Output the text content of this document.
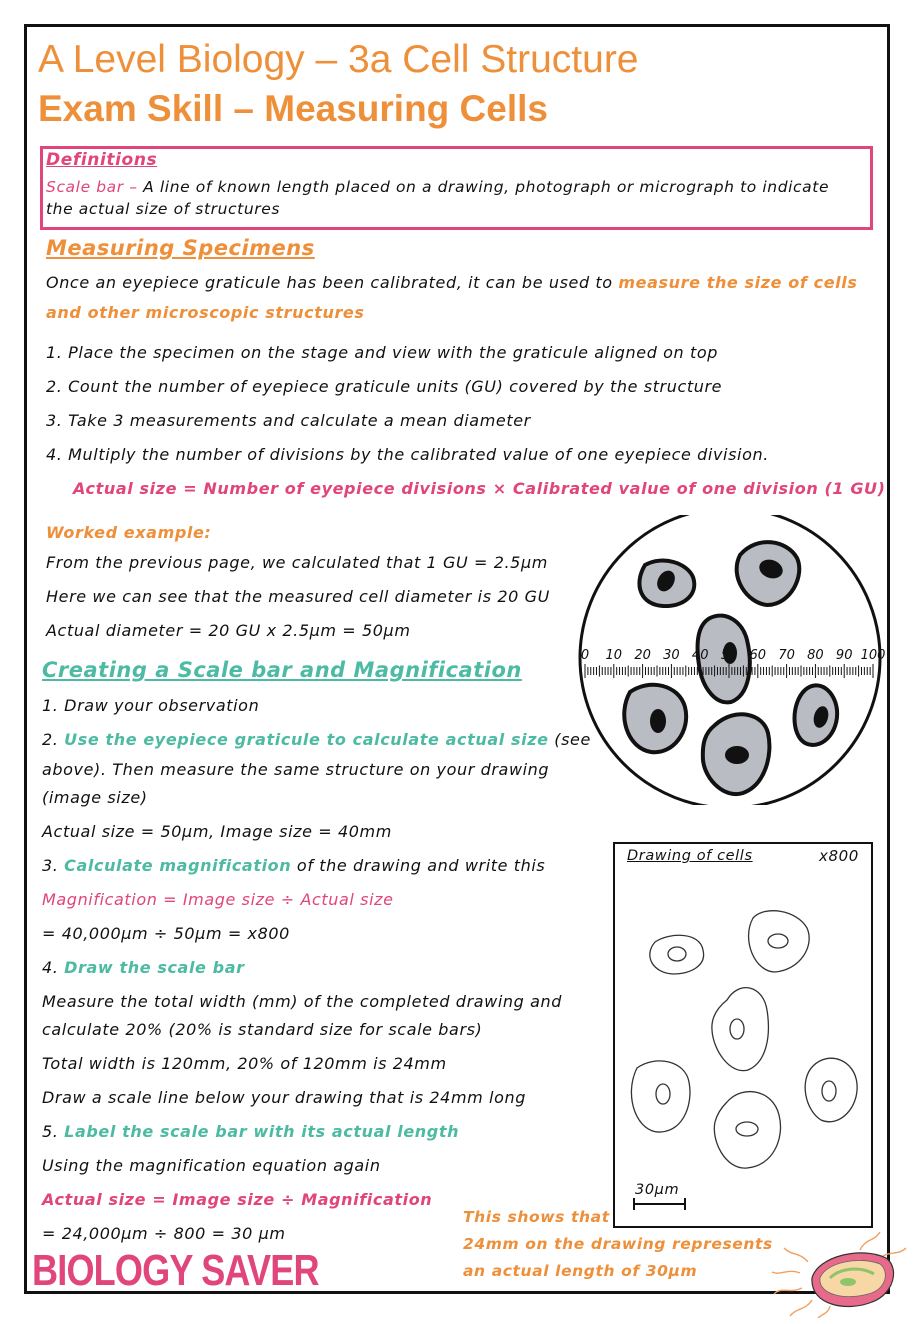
A Level Biology – 3a Cell Structure
Exam Skill – Measuring Cells
Definitions
Scale bar – A line of known length placed on a drawing, photograph or micrograph to indicate
the actual size of structures
Measuring Specimens
Once an eyepiece graticule has been calibrated, it can be used to measure the size of cells
and other microscopic structures
1. Place the specimen on the stage and view with the graticule aligned on top
2. Count the number of eyepiece graticule units (GU) covered by the structure
3. Take 3 measurements and calculate a mean diameter
4. Multiply the number of divisions by the calibrated value of one eyepiece division.
Actual size = Number of eyepiece divisions × Calibrated value of one division (1 GU)
Worked example:
From the previous page, we calculated that 1 GU = 2.5μm
Here we can see that the measured cell diameter is 20 GU
Actual diameter = 20 GU x 2.5μm = 50μm
0 10 20 30 40 50 60 70 80 90 100
Creating a Scale bar and Magnification
1. Draw your observation
2. Use the eyepiece graticule to calculate actual size (see
above). Then measure the same structure on your drawing
(image size)
Actual size = 50μm, Image size = 40mm
3. Calculate magnification of the drawing and write this
Magnification = Image size ÷ Actual size
= 40,000μm ÷ 50μm = x800
4. Draw the scale bar
Measure the total width (mm) of the completed drawing and
calculate 20% (20% is standard size for scale bars)
Total width is 120mm, 20% of 120mm is 24mm
Draw a scale line below your drawing that is 24mm long
5. Label the scale bar with its actual length
Using the magnification equation again
Actual size = Image size ÷ Magnification
= 24,000μm ÷ 800 = 30 μm
Drawing of cells	x800
30μm
This shows that
24mm on the drawing represents
an actual length of 30μm
BIOLOGY SAVER
